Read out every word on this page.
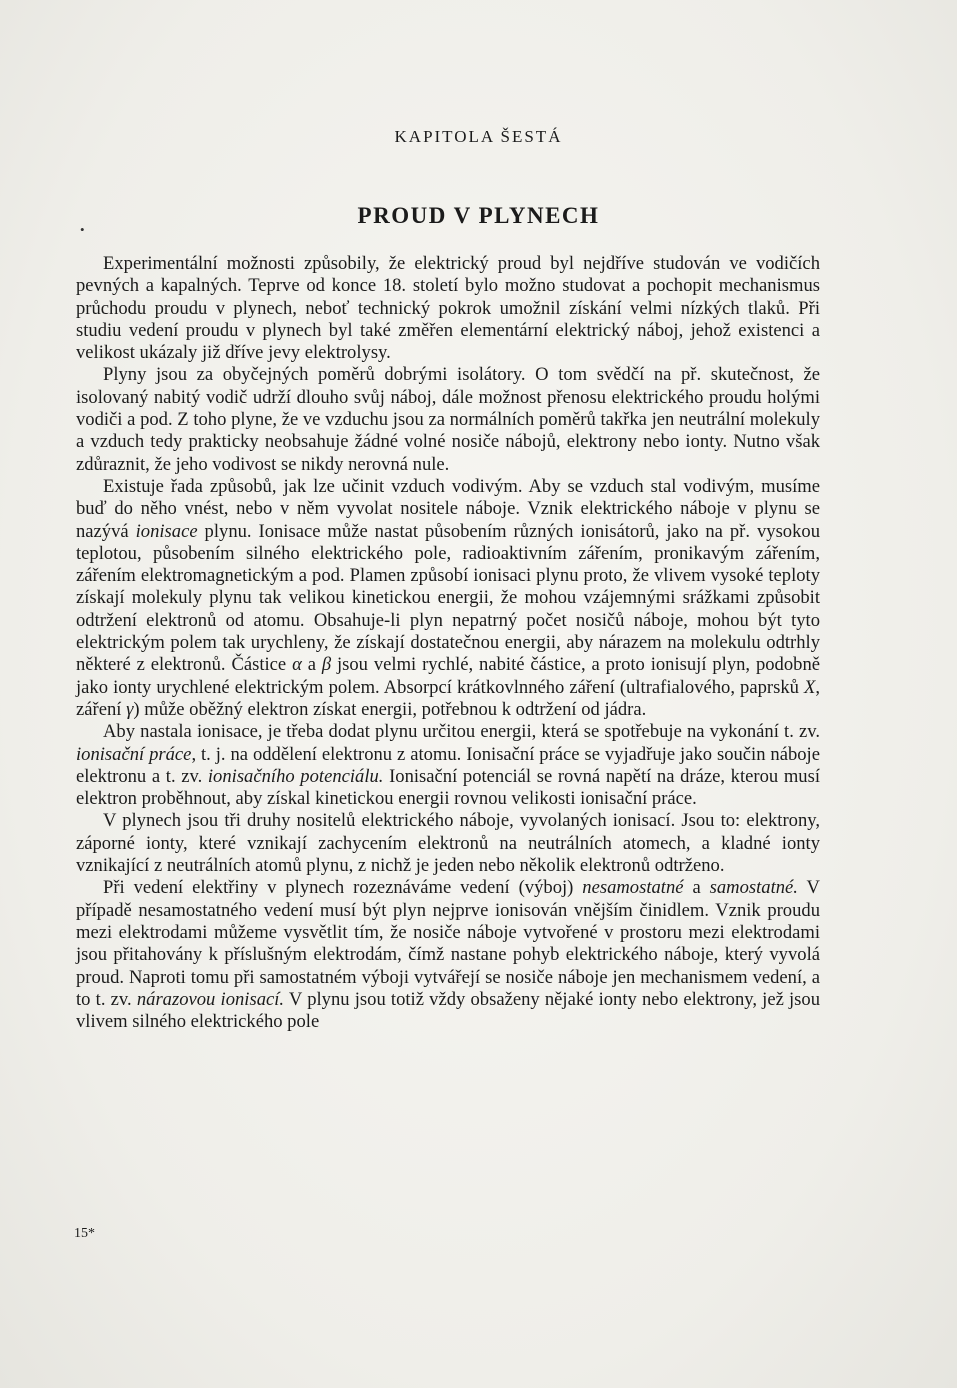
KAPITOLA ŠESTÁ
•
PROUD V PLYNECH

Experimentální možnosti způsobily, že elektrický proud byl nejdříve studován ve vodičích pevných a kapalných. Teprve od konce 18. století bylo možno studovat a pochopit mechanismus průchodu proudu v plynech, neboť technický pokrok umožnil získání velmi nízkých tlaků. Při studiu vedení proudu v plynech byl také změřen elementární elektrický náboj, jehož existenci a velikost ukázaly již dříve jevy elektrolysy.

Plyny jsou za obyčejných poměrů dobrými isolátory. O tom svědčí na př. skutečnost, že isolovaný nabitý vodič udrží dlouho svůj náboj, dále možnost přenosu elektrického proudu holými vodiči a pod. Z toho plyne, že ve vzduchu jsou za normálních poměrů takřka jen neutrální molekuly a vzduch tedy prakticky neobsahuje žádné volné nosiče nábojů, elektrony nebo ionty. Nutno však zdůraznit, že jeho vodivost se nikdy nerovná nule.

Existuje řada způsobů, jak lze učinit vzduch vodivým. Aby se vzduch stal vodivým, musíme buď do něho vnést, nebo v něm vyvolat nositele náboje. Vznik elektrického náboje v plynu se nazývá ionisace plynu. Ionisace může nastat působením různých ionisátorů, jako na př. vysokou teplotou, působením silného elektrického pole, radioaktivním zářením, pronikavým zářením, zářením elektromagnetickým a pod. Plamen způsobí ionisaci plynu proto, že vlivem vysoké teploty získají molekuly plynu tak velikou kinetickou energii, že mohou vzájemnými srážkami způsobit odtržení elektronů od atomu. Obsahuje-li plyn nepatrný počet nosičů náboje, mohou být tyto elektrickým polem tak urychleny, že získají dostatečnou energii, aby nárazem na molekulu odtrhly některé z elektronů. Částice α a β jsou velmi rychlé, nabité částice, a proto ionisují plyn, podobně jako ionty urychlené elektrickým polem. Absorpcí krátkovlnného záření (ultrafialového, paprsků X, záření γ) může oběžný elektron získat energii, potřebnou k odtržení od jádra.

Aby nastala ionisace, je třeba dodat plynu určitou energii, která se spotřebuje na vykonání t. zv. ionisační práce, t. j. na oddělení elektronu z atomu. Ionisační práce se vyjadřuje jako součin náboje elektronu a t. zv. ionisačního potenciálu. Ionisační potenciál se rovná napětí na dráze, kterou musí elektron proběhnout, aby získal kinetickou energii rovnou velikosti ionisační práce.

V plynech jsou tři druhy nositelů elektrického náboje, vyvolaných ionisací. Jsou to: elektrony, záporné ionty, které vznikají zachycením elektronů na neutrálních atomech, a kladné ionty vznikající z neutrálních atomů plynu, z nichž je jeden nebo několik elektronů odtrženo.

Při vedení elektřiny v plynech rozeznáváme vedení (výboj) nesamostatné a samostatné. V případě nesamostatného vedení musí být plyn nejprve ionisován vnějším činidlem. Vznik proudu mezi elektrodami můžeme vysvětlit tím, že nosiče náboje vytvořené v prostoru mezi elektrodami jsou přitahovány k příslušným elektrodám, čímž nastane pohyb elektrického náboje, který vyvolá proud. Naproti tomu při samostatném výboji vytvářejí se nosiče náboje jen mechanismem vedení, a to t. zv. nárazovou ionisací. V plynu jsou totiž vždy obsaženy nějaké ionty nebo elektrony, jež jsou vlivem silného elektrického pole

15*
